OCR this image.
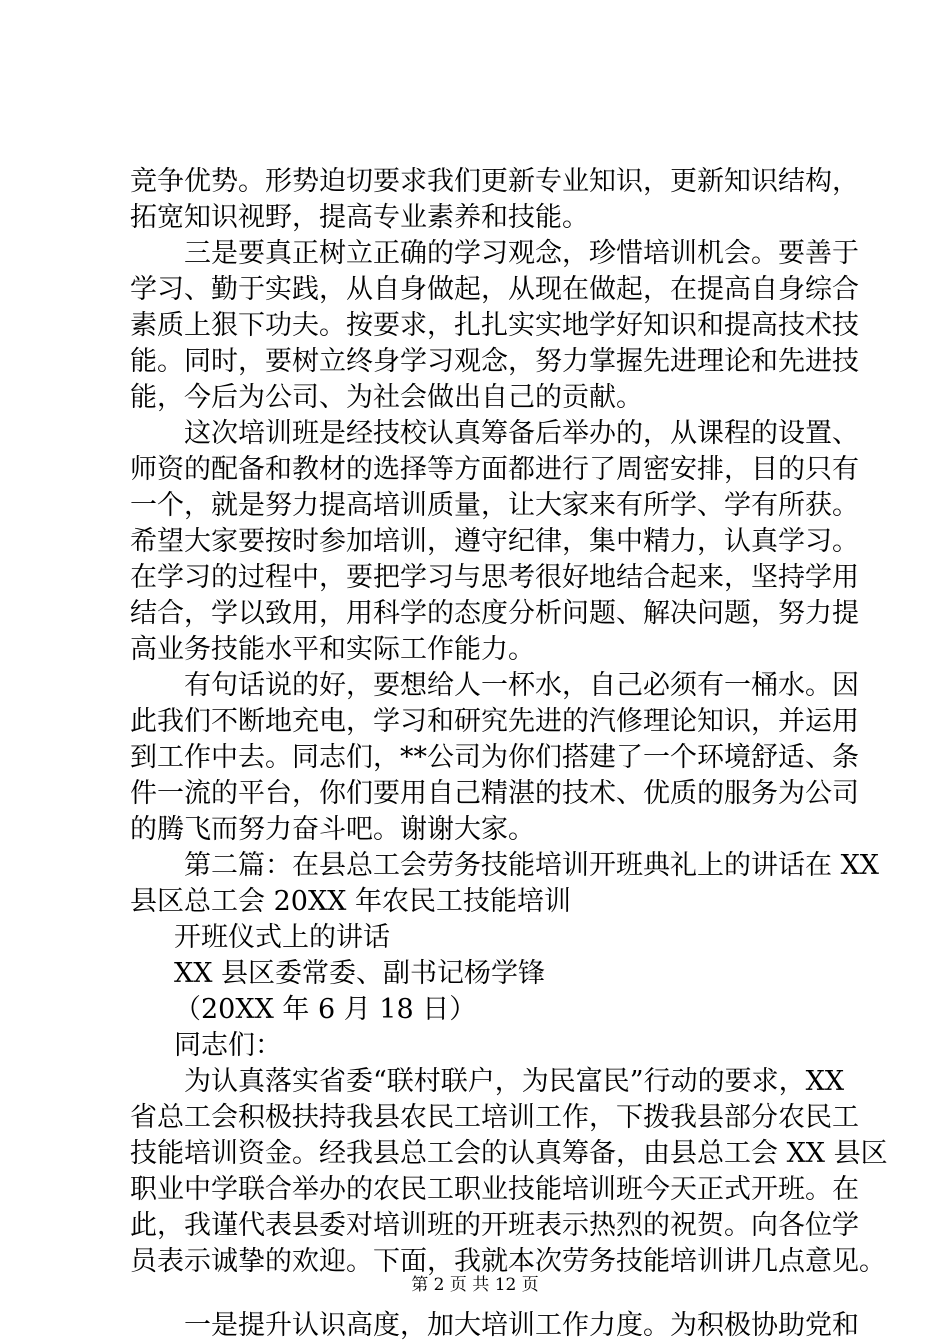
竞争优势。形势迫切要求我们更新专业知识，更新知识结构，
拓宽知识视野，提高专业素养和技能。
三是要真正树立正确的学习观念，珍惜培训机会。要善于
学习、勤于实践，从自身做起，从现在做起，在提高自身综合
素质上狠下功夫。按要求，扎扎实实地学好知识和提高技术技
能。同时，要树立终身学习观念，努力掌握先进理论和先进技
能，今后为公司、为社会做出自己的贡献。
这次培训班是经技校认真筹备后举办的，从课程的设置、
师资的配备和教材的选择等方面都进行了周密安排，目的只有
一个，就是努力提高培训质量，让大家来有所学、学有所获。
希望大家要按时参加培训，遵守纪律，集中精力，认真学习。
在学习的过程中，要把学习与思考很好地结合起来，坚持学用
结合，学以致用，用科学的态度分析问题、解决问题，努力提
高业务技能水平和实际工作能力。
有句话说的好，要想给人一杯水，自己必须有一桶水。因
此我们不断地充电，学习和研究先进的汽修理论知识，并运用
到工作中去。同志们，**公司为你们搭建了一个环境舒适、条
件一流的平台，你们要用自己精湛的技术、优质的服务为公司
的腾飞而努力奋斗吧。谢谢大家。
第二篇：在县总工会劳务技能培训开班典礼上的讲话在 XX
县区总工会 20XX 年农民工技能培训
开班仪式上的讲话
XX 县区委常委、副书记杨学锋
（20XX 年 6 月 18 日）
同志们：
为认真落实省委“联村联户，为民富民”行动的要求，XX
省总工会积极扶持我县农民工培训工作，下拨我县部分农民工
技能培训资金。经我县总工会的认真筹备，由县总工会 XX 县区
职业中学联合举办的农民工职业技能培训班今天正式开班。在
此，我谨代表县委对培训班的开班表示热烈的祝贺。向各位学
员表示诚挚的欢迎。下面，我就本次劳务技能培训讲几点意见。
一是提升认识高度，加大培训工作力度。为积极协助党和
第 2 页 共 12 页
